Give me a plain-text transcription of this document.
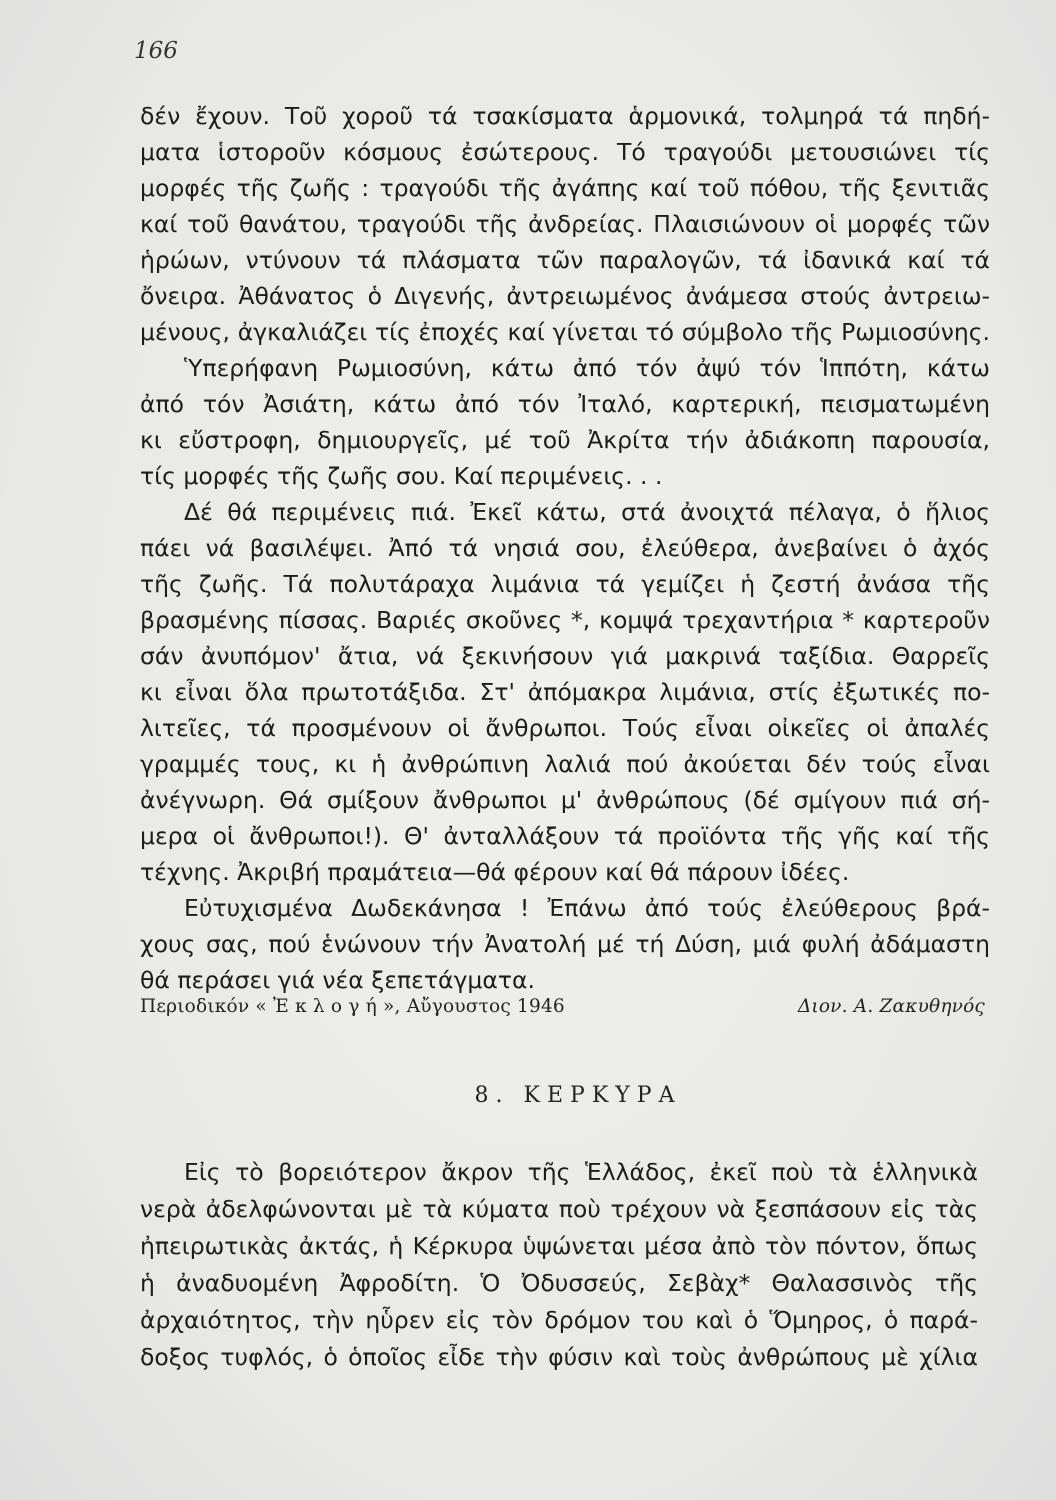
166
δέν ἔχουν. Τοῦ χοροῦ τά τσακίσματα ἁρμονικά, τολμηρά τά πηδή-
ματα ἱστοροῦν κόσμους ἐσώτερους. Τό τραγούδι μετουσιώνει τίς
μορφές τῆς ζωῆς : τραγούδι τῆς ἀγάπης καί τοῦ πόθου, τῆς ξενιτιᾶς
καί τοῦ θανάτου, τραγούδι τῆς ἀνδρείας. Πλαισιώνουν οἱ μορφές τῶν
ἡρώων, ντύνουν τά πλάσματα τῶν παραλογῶν, τά ἰδανικά καί τά
ὄνειρα. Ἀθάνατος ὁ Διγενής, ἀντρειωμένος ἀνάμεσα στούς ἀντρειω-
μένους, ἀγκαλιάζει τίς ἐποχές καί γίνεται τό σύμβολο τῆς Ρωμιοσύνης.
Ὑπερήφανη Ρωμιοσύνη, κάτω ἀπό τόν ἀψύ τόν Ἱππότη, κάτω
ἀπό τόν Ἀσιάτη, κάτω ἀπό τόν Ἰταλό, καρτερική, πεισματωμένη
κι εὔστροφη, δημιουργεῖς, μέ τοῦ Ἀκρίτα τήν ἀδιάκοπη παρουσία,
τίς μορφές τῆς ζωῆς σου. Καί περιμένεις. . .
Δέ θά περιμένεις πιά. Ἐκεῖ κάτω, στά ἀνοιχτά πέλαγα, ὁ ἥλιος
πάει νά βασιλέψει. Ἀπό τά νησιά σου, ἐλεύθερα, ἀνεβαίνει ὁ ἀχός
τῆς ζωῆς. Τά πολυτάραχα λιμάνια τά γεμίζει ἡ ζεστή ἀνάσα τῆς
βρασμένης πίσσας. Βαριές σκοῦνες *, κομψά τρεχαντήρια * καρτεροῦν
σάν ἀνυπόμον' ἄτια, νά ξεκινήσουν γιά μακρινά ταξίδια. Θαρρεῖς
κι εἶναι ὅλα πρωτοτάξιδα. Στ' ἀπόμακρα λιμάνια, στίς ἐξωτικές πο-
λιτεῖες, τά προσμένουν οἱ ἄνθρωποι. Τούς εἶναι οἰκεῖες οἱ ἀπαλές
γραμμές τους, κι ἡ ἀνθρώπινη λαλιά πού ἀκούεται δέν τούς εἶναι
ἀνέγνωρη. Θά σμίξουν ἄνθρωποι μ' ἀνθρώπους (δέ σμίγουν πιά σή-
μερα οἱ ἄνθρωποι!). Θ' ἀνταλλάξουν τά προϊόντα τῆς γῆς καί τῆς
τέχνης. Ἀκριβή πραμάτεια—θά φέρουν καί θά πάρουν ἰδέες.
Εὐτυχισμένα Δωδεκάνησα ! Ἐπάνω ἀπό τούς ἐλεύθερους βρά-
χους σας, πού ἑνώνουν τήν Ἀνατολή μέ τή Δύση, μιά φυλή ἀδάμαστη
θά περάσει γιά νέα ξεπετάγματα.
Περιοδικόν « Ἐ κ λ ο γ ή », Αὔγουστος 1946	Διον. Α. Ζακυθηνός
8. ΚΕΡΚΥΡΑ
Εἰς τὸ βορειότερον ἄκρον τῆς Ἑλλάδος, ἐκεῖ ποὺ τὰ ἑλληνικὰ
νερὰ ἀδελφώνονται μὲ τὰ κύματα ποὺ τρέχουν νὰ ξεσπάσουν εἰς τὰς
ἠπειρωτικὰς ἀκτάς, ἡ Κέρκυρα ὑψώνεται μέσα ἀπὸ τὸν πόντον, ὅπως
ἡ ἀναδυομένη Ἀφροδίτη. Ὁ Ὀδυσσεύς, Σεβὰχ* Θαλασσινὸς τῆς
ἀρχαιότητος, τὴν ηὗρεν εἰς τὸν δρόμον του καὶ ὁ Ὅμηρος, ὁ παρά-
δοξος τυφλός, ὁ ὁποῖος εἶδε τὴν φύσιν καὶ τοὺς ἀνθρώπους μὲ χίλια
